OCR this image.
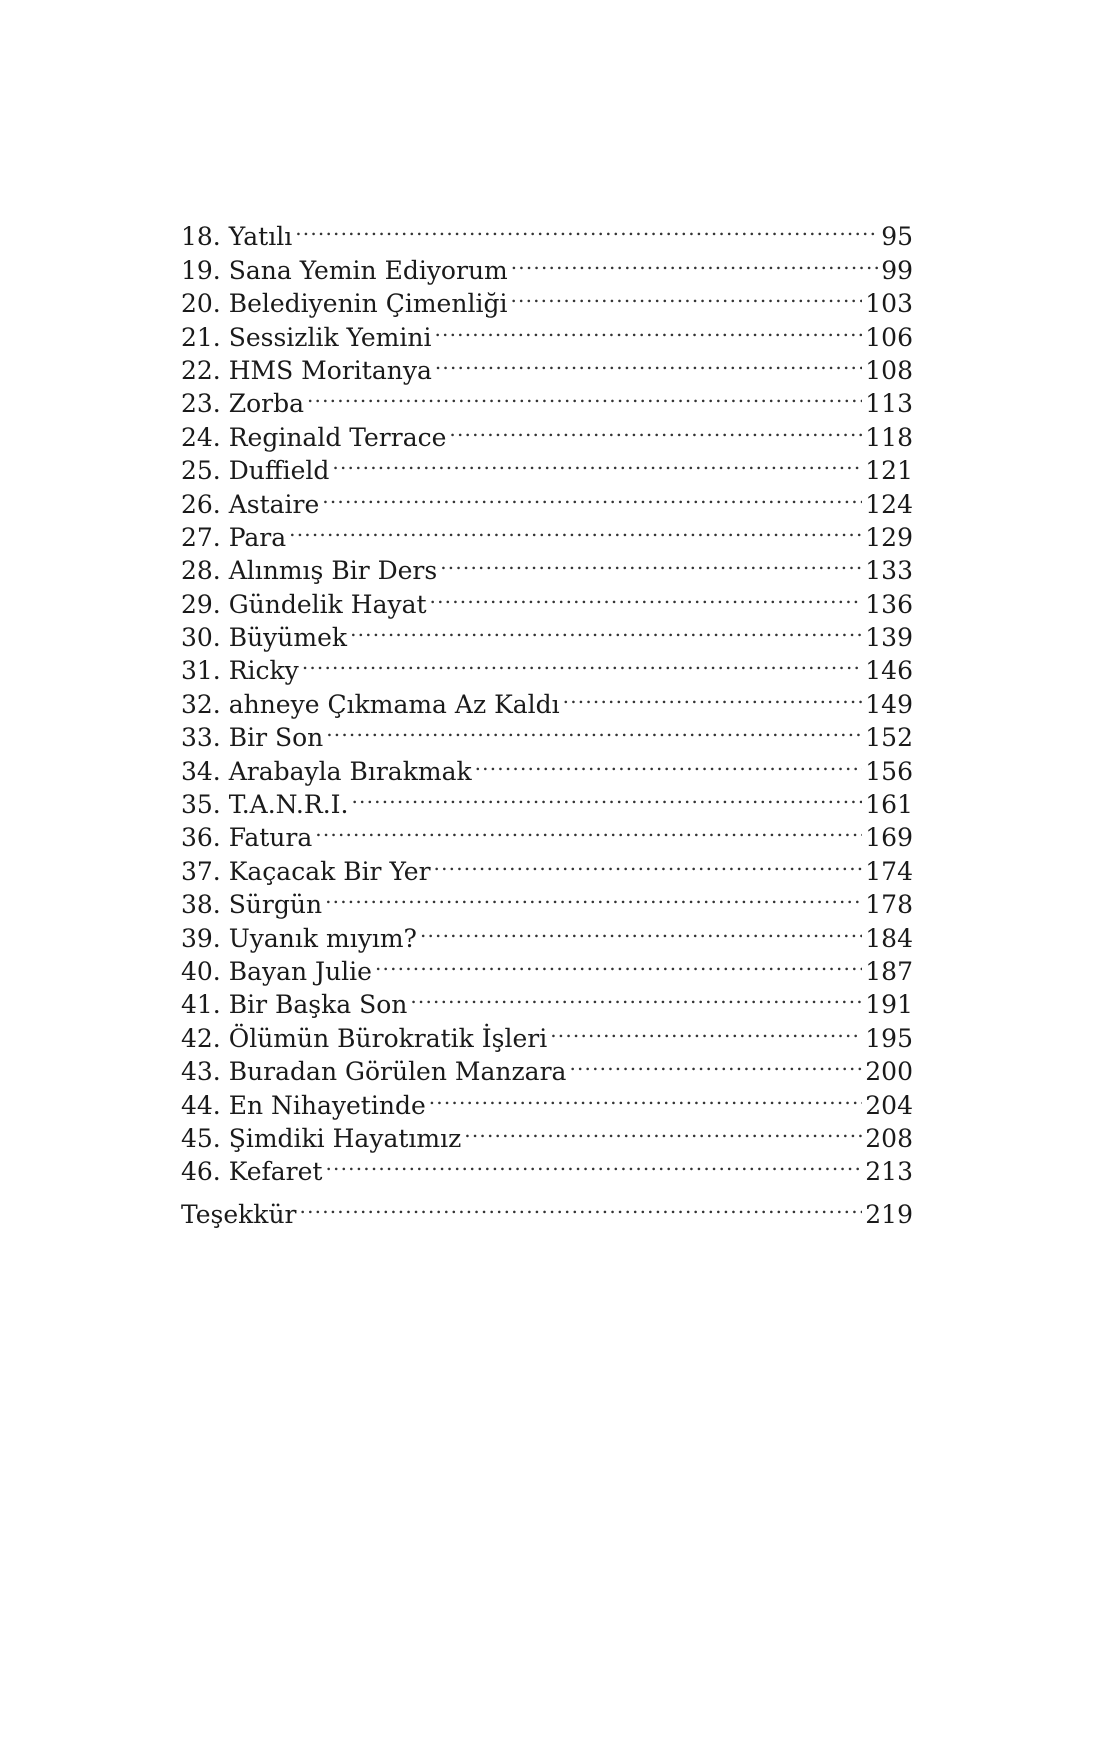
18. Yatılı .....	95
19. Sana Yemin Ediyorum .....	99
20. Belediyenin Çimenliği .....	103
21. Sessizlik Yemini .....	106
22. HMS Moritanya .....	108
23. Zorba .....	113
24. Reginald Terrace .....	118
25. Duffield .....	121
26. Astaire .....	124
27. Para .....	129
28. Alınmış Bir Ders .....	133
29. Gündelik Hayat .....	136
30. Büyümek .....	139
31. Ricky .....	146
32. ahneye Çıkmama Az Kaldı .....	149
33. Bir Son .....	152
34. Arabayla Bırakmak .....	156
35. T.A.N.R.I. .....	161
36. Fatura .....	169
37. Kaçacak Bir Yer .....	174
38. Sürgün .....	178
39. Uyanık mıyım? .....	184
40. Bayan Julie .....	187
41. Bir Başka Son .....	191
42. Ölümün Bürokratik İşleri .....	195
43. Buradan Görülen Manzara .....	200
44. En Nihayetinde .....	204
45. Şimdiki Hayatımız .....	208
46. Kefaret .....	213
Teşekkür .....	219
